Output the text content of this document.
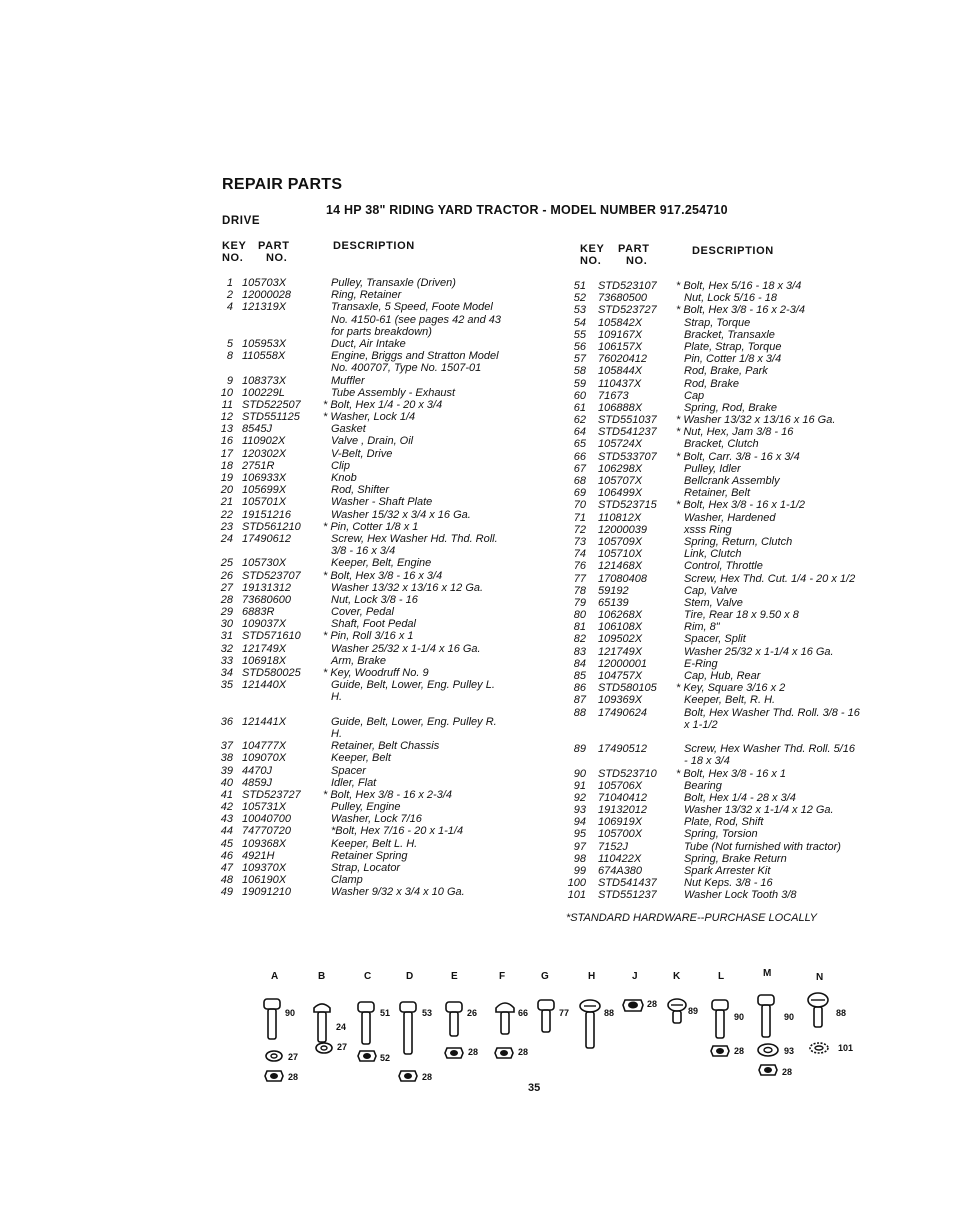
REPAIR PARTS
14 HP 38" RIDING YARD TRACTOR - MODEL NUMBER 917.254710
DRIVE
KEY
NO.
PART
NO.
DESCRIPTION	KEY
NO.
PART
NO.
DESCRIPTION
1 105703X	Pulley, Transaxle (Driven)
2 12000028	Ring, Retainer
4 121319X	Transaxle, 5 Speed, Foote Model
No. 4150-61 (see pages 42 and 43
for parts breakdown)
5 105953X	Duct, Air Intake
8 110558X	Engine, Briggs and Stratton Model
No. 400707, Type No. 1507-01
9 108373X	Muffler
10 100229L	Tube Assembly - Exhaust
11 STD522507 * Bolt, Hex 1/4 - 20 x 3/4
12 STD551125 * Washer, Lock 1/4
13 8545J	Gasket
16 110902X	Valve , Drain, Oil
17 120302X	V-Belt, Drive
18 2751R	Clip
19 106933X	Knob
20 105699X	Rod, Shifter
21 105701X	Washer - Shaft Plate
22 19151216	Washer 15/32 x 3/4 x 16 Ga.
23 STD561210 * Pin, Cotter 1/8 x 1
24 17490612	Screw, Hex Washer Hd. Thd. Roll.
3/8 - 16 x 3/4
25 105730X	Keeper, Belt, Engine
26 STD523707 * Bolt, Hex 3/8 - 16 x 3/4
27 19131312	Washer 13/32 x 13/16 x 12 Ga.
28 73680600	Nut, Lock 3/8 - 16
29 6883R	Cover, Pedal
30 109037X	Shaft, Foot Pedal
31 STD571610 * Pin, Roll 3/16 x 1
32 121749X	Washer 25/32 x 1-1/4 x 16 Ga.
33 106918X	Arm, Brake
34 STD580025 * Key, Woodruff No. 9
35 121440X	Guide, Belt, Lower, Eng. Pulley L.
H.
36 121441X	Guide, Belt, Lower, Eng. Pulley R.
H.
37 104777X	Retainer, Belt Chassis
38 109070X	Keeper, Belt
39 4470J	Spacer
40 4859J	Idler, Flat
41 STD523727 * Bolt, Hex 3/8 - 16 x 2-3/4
42 105731X	Pulley, Engine
43 10040700	Washer, Lock 7/16
44 74770720	*Bolt, Hex 7/16 - 20 x 1-1/4
45 109368X	Keeper, Belt L. H.
46 4921H	Retainer Spring
47 109370X	Strap, Locator
48 106190X	Clamp
49 19091210	Washer 9/32 x 3/4 x 10 Ga.
51 STD523107 * Bolt, Hex 5/16 - 18 x 3/4
52 73680500	Nut, Lock 5/16 - 18
53 STD523727 * Bolt, Hex 3/8 - 16 x 2-3/4
54 105842X	Strap, Torque
55 109167X	Bracket, Transaxle
56 106157X	Plate, Strap, Torque
57 76020412	Pin, Cotter 1/8 x 3/4
58 105844X	Rod, Brake, Park
59 110437X	Rod, Brake
60 71673	Cap
61 106888X	Spring, Rod, Brake
62 STD551037 * Washer 13/32 x 13/16 x 16 Ga.
64 STD541237 * Nut, Hex, Jam 3/8 - 16
65 105724X	Bracket, Clutch
66 STD533707 * Bolt, Carr. 3/8 - 16 x 3/4
67 106298X	Pulley, Idler
68 105707X	Bellcrank Assembly
69 106499X	Retainer, Belt
70 STD523715 * Bolt, Hex 3/8 - 16 x 1-1/2
71 110812X	Washer, Hardened
72 12000039	xsss Ring
73 105709X	Spring, Return, Clutch
74 105710X	Link, Clutch
76 121468X	Control, Throttle
77 17080408	Screw, Hex Thd. Cut. 1/4 - 20 x 1/2
78 59192	Cap, Valve
79 65139	Stem, Valve
80 106268X	Tire, Rear 18 x 9.50 x 8
81 106108X	Rim, 8"
82 109502X	Spacer, Split
83 121749X	Washer 25/32 x 1-1/4 x 16 Ga.
84 12000001	E-Ring
85 104757X	Cap, Hub, Rear
86 STD580105 * Key, Square 3/16 x 2
87 109369X	Keeper, Belt, R. H.
88 17490624	Bolt, Hex Washer Thd. Roll. 3/8 - 16
x 1-1/2
89 17490512	Screw, Hex Washer Thd. Roll. 5/16
- 18 x 3/4
90 STD523710 * Bolt, Hex 3/8 - 16 x 1
91 105706X	Bearing
92 71040412	Bolt, Hex 1/4 - 28 x 3/4
93 19132012	Washer 13/32 x 1-1/4 x 12 Ga.
94 106919X	Plate, Rod, Shift
95 105700X	Spring, Torsion
97 7152J	Tube (Not furnished with tractor)
98 110422X	Spring, Brake Return
99 674A380	Spark Arrester Kit
100 STD541437 Nut Keps. 3/8 - 16
101 STD551237 Washer Lock Tooth 3/8
*STANDARD HARDWARE--PURCHASE LOCALLY
A	B	C	D	E	F	G	H	J	K	L	M	N
90
27
28
24
27
51
52
53
28
26
28
66
28
77	88
28
89
90
28
90
93
28
88
101
35
